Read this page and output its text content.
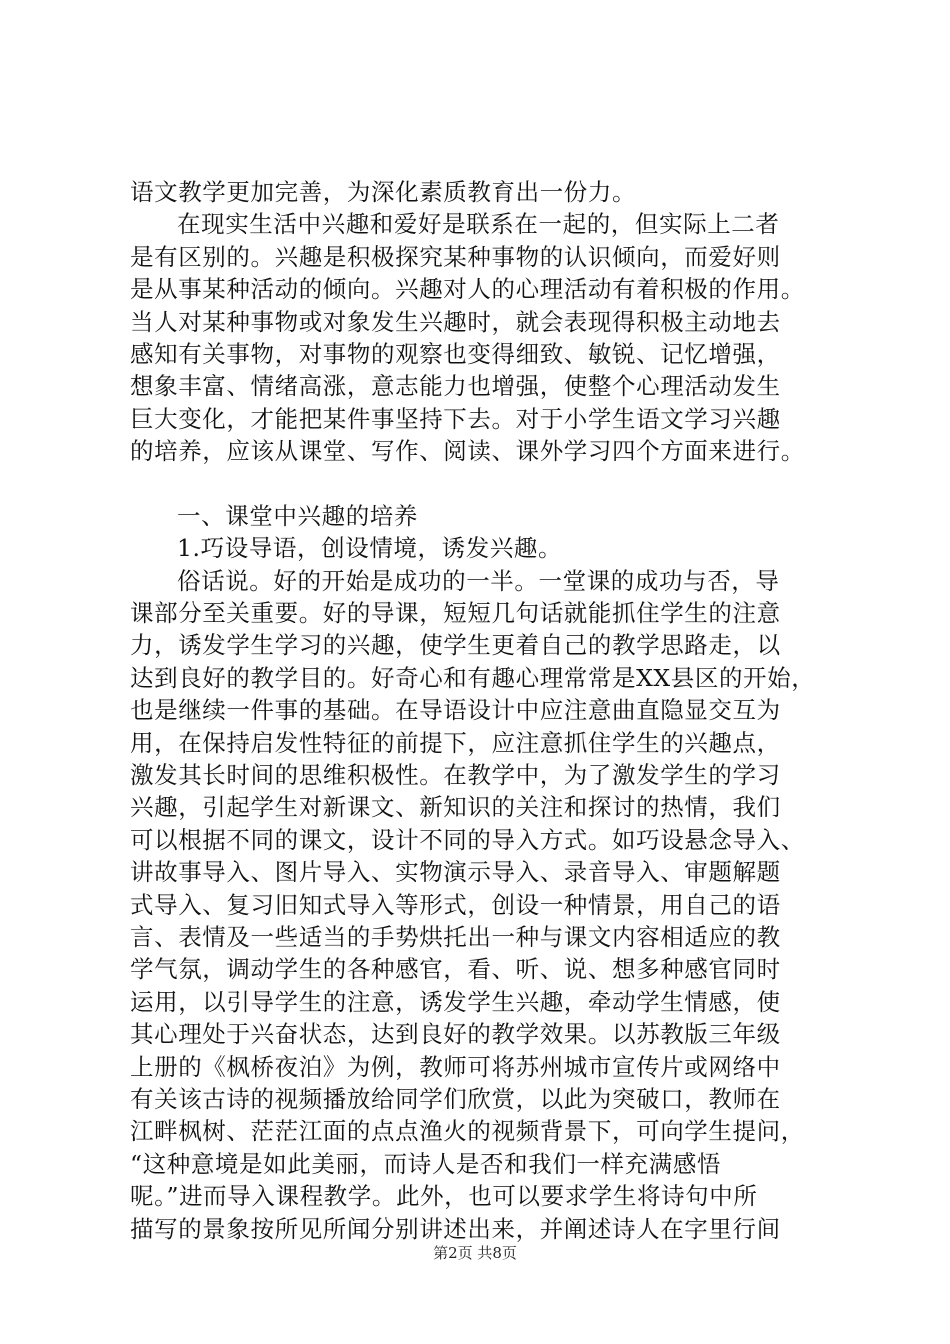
语文教学更加完善，为深化素质教育出一份力。
在现实生活中兴趣和爱好是联系在一起的，但实际上二者
是有区别的。兴趣是积极探究某种事物的认识倾向，而爱好则
是从事某种活动的倾向。兴趣对人的心理活动有着积极的作用。
当人对某种事物或对象发生兴趣时，就会表现得积极主动地去
感知有关事物，对事物的观察也变得细致、敏锐、记忆增强，
想象丰富、情绪高涨，意志能力也增强，使整个心理活动发生
巨大变化，才能把某件事坚持下去。对于小学生语文学习兴趣
的培养，应该从课堂、写作、阅读、课外学习四个方面来进行。
一、课堂中兴趣的培养
1.巧设导语，创设情境，诱发兴趣。
俗话说。好的开始是成功的一半。一堂课的成功与否，导
课部分至关重要。好的导课，短短几句话就能抓住学生的注意
力，诱发学生学习的兴趣，使学生更着自己的教学思路走，以
达到良好的教学目的。好奇心和有趣心理常常是XX县区的开始，
也是继续一件事的基础。在导语设计中应注意曲直隐显交互为
用，在保持启发性特征的前提下，应注意抓住学生的兴趣点，
激发其长时间的思维积极性。在教学中，为了激发学生的学习
兴趣，引起学生对新课文、新知识的关注和探讨的热情，我们
可以根据不同的课文，设计不同的导入方式。如巧设悬念导入、
讲故事导入、图片导入、实物演示导入、录音导入、审题解题
式导入、复习旧知式导入等形式，创设一种情景，用自己的语
言、表情及一些适当的手势烘托出一种与课文内容相适应的教
学气氛，调动学生的各种感官，看、听、说、想多种感官同时
运用，以引导学生的注意，诱发学生兴趣，牵动学生情感，使
其心理处于兴奋状态，达到良好的教学效果。以苏教版三年级
上册的《枫桥夜泊》为例，教师可将苏州城市宣传片或网络中
有关该古诗的视频播放给同学们欣赏，以此为突破口，教师在
江畔枫树、茫茫江面的点点渔火的视频背景下，可向学生提问，
“这种意境是如此美丽，而诗人是否和我们一样充满感悟
呢。”进而导入课程教学。此外，也可以要求学生将诗句中所
描写的景象按所见所闻分别讲述出来，并阐述诗人在字里行间
第2页 共8页
